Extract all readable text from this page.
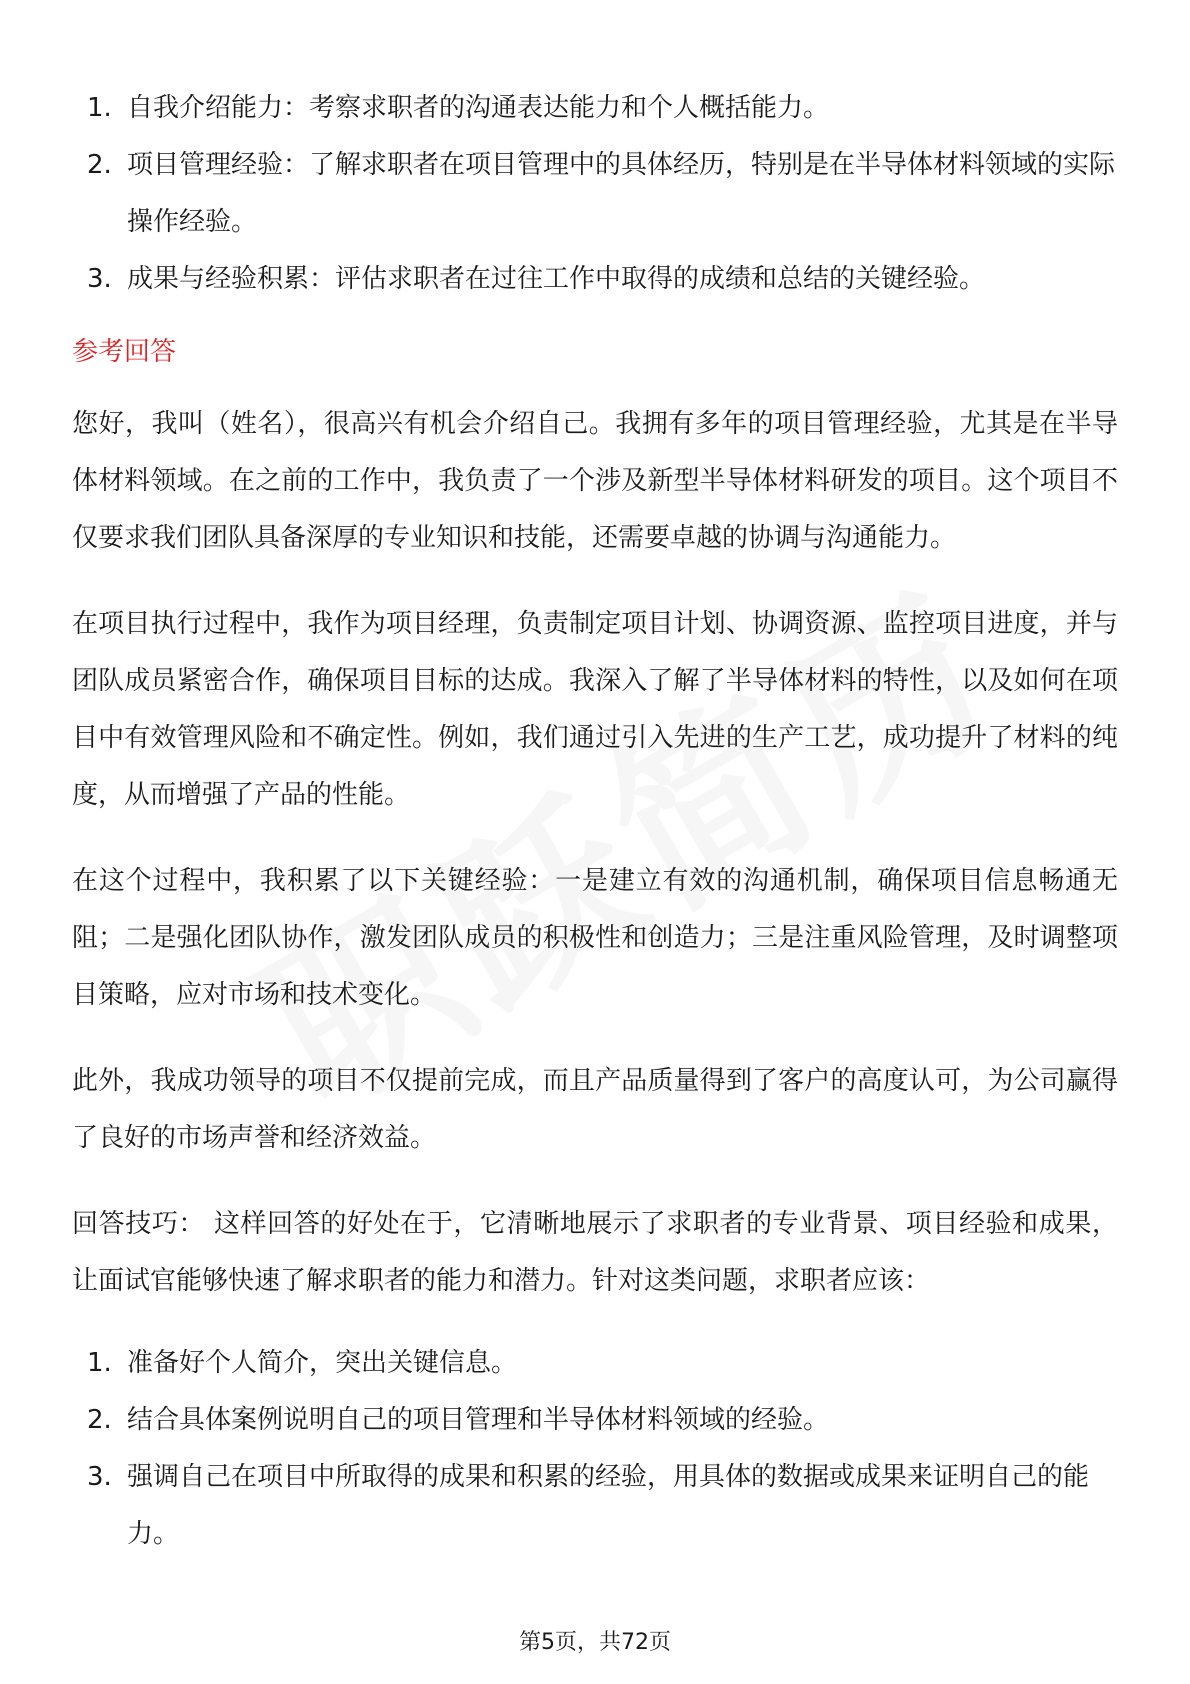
1. 自我介绍能力：考察求职者的沟通表达能力和个人概括能力。
2. 项目管理经验：了解求职者在项目管理中的具体经历，特别是在半导体材料领域的实际操作经验。
3. 成果与经验积累：评估求职者在过往工作中取得的成绩和总结的关键经验。
参考回答

您好，我叫（姓名），很高兴有机会介绍自己。我拥有多年的项目管理经验，尤其是在半导体材料领域。在之前的工作中，我负责了一个涉及新型半导体材料研发的项目。这个项目不仅要求我们团队具备深厚的专业知识和技能，还需要卓越的协调与沟通能力。

在项目执行过程中，我作为项目经理，负责制定项目计划、协调资源、监控项目进度，并与团队成员紧密合作，确保项目目标的达成。我深入了解了半导体材料的特性，以及如何在项目中有效管理风险和不确定性。例如，我们通过引入先进的生产工艺，成功提升了材料的纯度，从而增强了产品的性能。

在这个过程中，我积累了以下关键经验：一是建立有效的沟通机制，确保项目信息畅通无阻；二是强化团队协作，激发团队成员的积极性和创造力；三是注重风险管理，及时调整项目策略，应对市场和技术变化。

此外，我成功领导的项目不仅提前完成，而且产品质量得到了客户的高度认可，为公司赢得了良好的市场声誉和经济效益。

回答技巧： 这样回答的好处在于，它清晰地展示了求职者的专业背景、项目经验和成果，让面试官能够快速了解求职者的能力和潜力。针对这类问题，求职者应该：

1. 准备好个人简介，突出关键信息。
2. 结合具体案例说明自己的项目管理和半导体材料领域的经验。
3. 强调自己在项目中所取得的成果和积累的经验，用具体的数据或成果来证明自己的能力。
第5页，共72页
